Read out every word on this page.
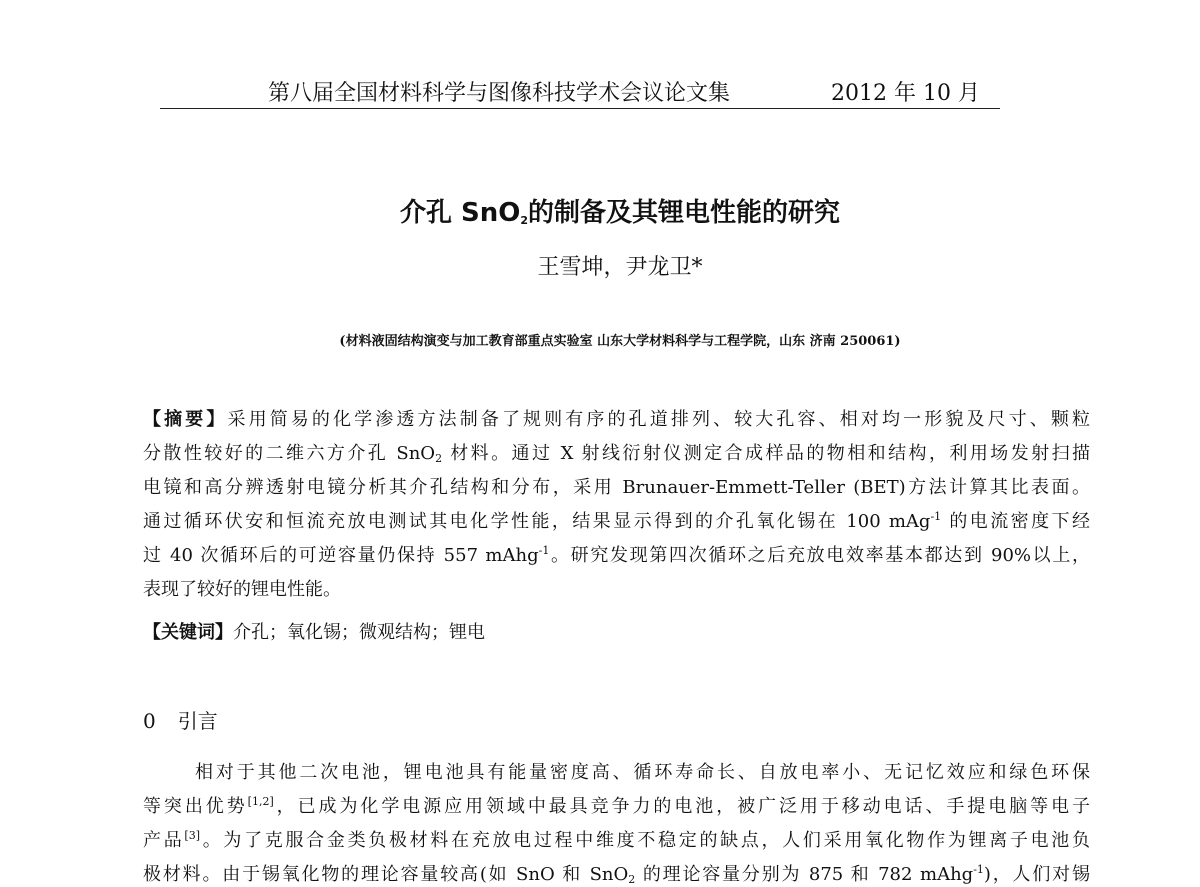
第八届全国材料科学与图像科技学术会议论文集	2012 年 10 月
介孔 SnO$_2$的制备及其锂电性能的研究
王雪坤，尹龙卫*
(材料液固结构演变与加工教育部重点实验室 山东大学材料科学与工程学院，山东 济南 250061)
【摘要】采用简易的化学渗透方法制备了规则有序的孔道排列、较大孔容、相对均一形貌及尺寸、颗粒
分散性较好的二维六方介孔 SnO$_2$ 材料。通过 X 射线衍射仪测定合成样品的物相和结构，利用场发射扫描
电镜和高分辨透射电镜分析其介孔结构和分布，采用 Brunauer-Emmett-Teller (BET)方法计算其比表面。
通过循环伏安和恒流充放电测试其电化学性能，结果显示得到的介孔氧化锡在 100 mAg$^{-1}$ 的电流密度下经
过 40 次循环后的可逆容量仍保持 557 mAhg$^{-1}$。研究发现第四次循环之后充放电效率基本都达到 90%以上，
表现了较好的锂电性能。
【关键词】介孔；氧化锡；微观结构；锂电
0 引言
相对于其他二次电池，锂电池具有能量密度高、循环寿命长、自放电率小、无记忆效应和绿色环保
等突出优势[1,2]，已成为化学电源应用领域中最具竞争力的电池，被广泛用于移动电话、手提电脑等电子
产品[3]。为了克服合金类负极材料在充放电过程中维度不稳定的缺点，人们采用氧化物作为锂离子电池负
极材料。由于锡氧化物的理论容量较高(如 SnO 和 SnO$_2$ 的理论容量分别为 875 和 782 mAhg$^{-1}$)，人们对锡
